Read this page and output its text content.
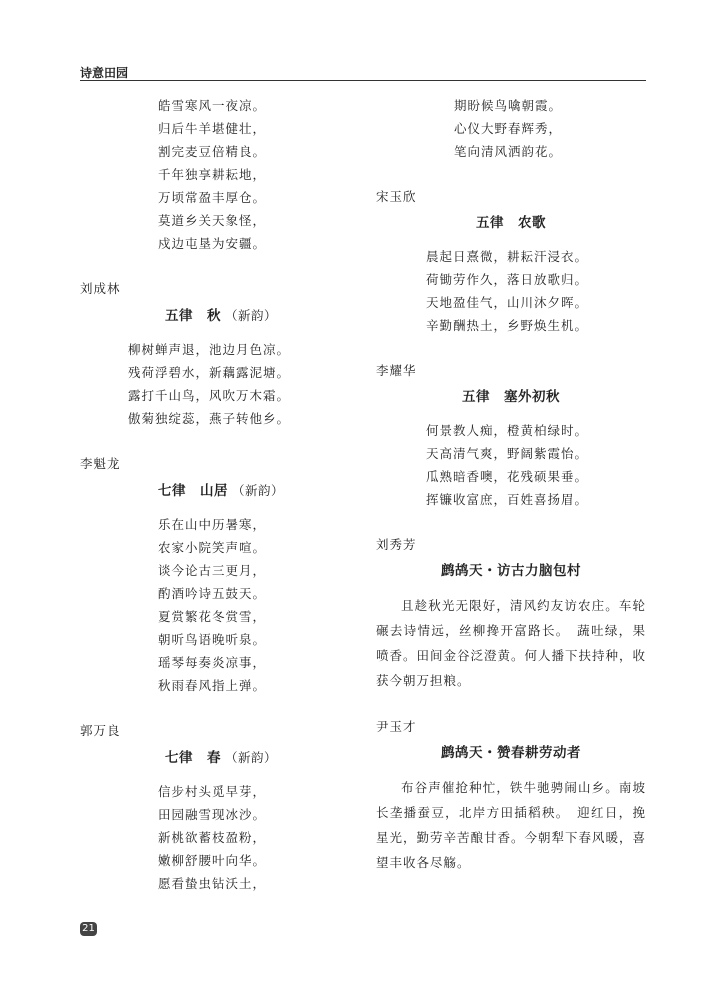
诗意田园
皓雪寒风一夜凉。
归后牛羊堪健壮，
割完麦豆倍精良。
千年独享耕耘地，
万顷常盈丰厚仓。
莫道乡关天象怪，
戍边屯垦为安疆。
刘成林
五律　秋 （新韵）
柳树蝉声退，池边月色凉。
残荷浮碧水，新藕露泥塘。
露打千山鸟，风吹万木霜。
傲菊独绽蕊，燕子转他乡。
李魁龙
七律　山居 （新韵）
乐在山中历暑寒，
农家小院笑声喧。
谈今论古三更月，
酌酒吟诗五鼓天。
夏赏繁花冬赏雪，
朝听鸟语晚听泉。
瑶琴每奏炎凉事，
秋雨春风指上弹。
郭万良
七律　春 （新韵）
信步村头觅早芽，
田园融雪现冰沙。
新桃欲蓄枝盈粉，
嫩柳舒腰叶向华。
愿看蛰虫钻沃土，
期盼候鸟噙朝霞。
心仪大野春辉秀，
笔向清风洒韵花。
宋玉欣
五律　农歌
晨起日熹微，耕耘汗浸衣。
荷锄劳作久，落日放歌归。
天地盈佳气，山川沐夕晖。
辛勤酬热土，乡野焕生机。
李耀华
五律　塞外初秋
何景教人痴，橙黄柏绿时。
天高清气爽，野阔紫霞怡。
瓜熟暗香噢，花残硕果垂。
挥镰收富庶，百姓喜扬眉。
刘秀芳
鹧鸪天・访古力脑包村
且趁秋光无限好，清风约友访农庄。车轮碾去诗情远，丝柳搀开富路长。　蔬吐绿，果喷香。田间金谷泛澄黄。何人播下扶持种，收获今朝万担粮。
尹玉才
鹧鸪天・赞春耕劳动者
布谷声催抢种忙，铁牛驰骋闹山乡。南坡长垄播蚕豆，北岸方田插稻秧。　迎红日，挽星光，勤劳辛苦酿甘香。今朝犁下春风暖，喜望丰收各尽觞。
21
